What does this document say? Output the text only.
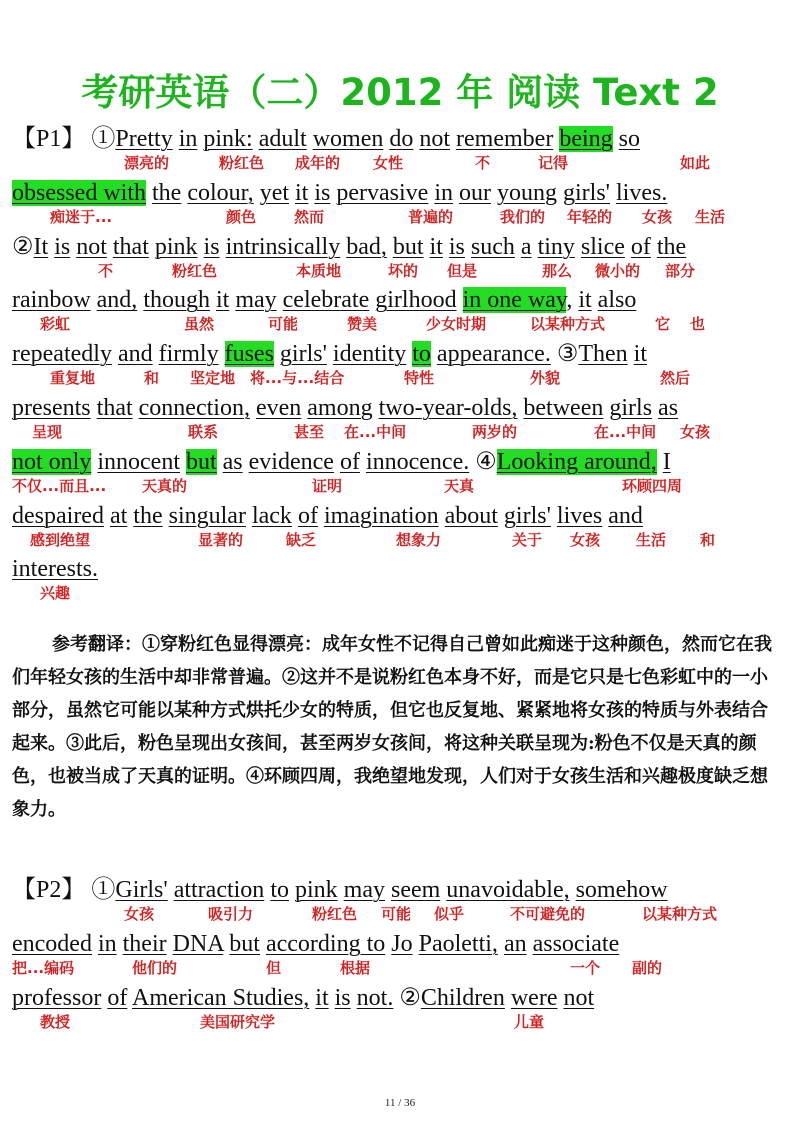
考研英语（二）2012 年 阅读 Text 2
【P1】 ①Pretty in pink: adult women do not remember being so
漂亮的	粉红色 成年的 女性	不	记得	如此
obsessed with the colour, yet it is pervasive in our young girls' lives.
痴迷于...	颜色	然而	普遍的	我们的 年轻的 女孩 生活
②It is not that pink is intrinsically bad, but it is such a tiny slice of the
不	粉红色	本质地	坏的 但是	那么 微小的 部分
rainbow and, though it may celebrate girlhood in one way, it also
彩虹	虽然	可能	赞美	少女时期	以某种方式	它 也
repeatedly and firmly fuses girls' identity to appearance. ③Then it
重复地	和 坚定地 将...与...结合	特性	外貌	然后
presents that connection, even among two-year-olds, between girls as
呈现	联系	甚至 在...中间	两岁的	在...中间 女孩
not only innocent but as evidence of innocence. ④Looking around, I
不仅...而且... 天真的	证明	天真	环顾四周
despaired at the singular lack of imagination about girls' lives and
感到绝望	显著的	缺乏	想象力	关于 女孩 生活 和
interests.
兴趣
参考翻译：①穿粉红色显得漂亮：成年女性不记得自己曾如此痴迷于这种颜色，然而它在我们年轻女孩的生活中却非常普遍。②这并不是说粉红色本身不好，而是它只是七色彩虹中的一小部分，虽然它可能以某种方式烘托少女的特质，但它也反复地、紧紧地将女孩的特质与外表结合起来。③此后，粉色呈现出女孩间，甚至两岁女孩间，将这种关联呈现为:粉色不仅是天真的颜色，也被当成了天真的证明。④环顾四周，我绝望地发现，人们对于女孩生活和兴趣极度缺乏想象力。
【P2】 ①Girls' attraction to pink may seem unavoidable, somehow
女孩	吸引力	粉红色 可能 似乎	不可避免的	以某种方式
encoded in their DNA but according to Jo Paoletti, an associate
把...编码	他们的	但	根据	一个 副的
professor of American Studies, it is not. ②Children were not
教授	美国研究学	儿童
11 / 36
